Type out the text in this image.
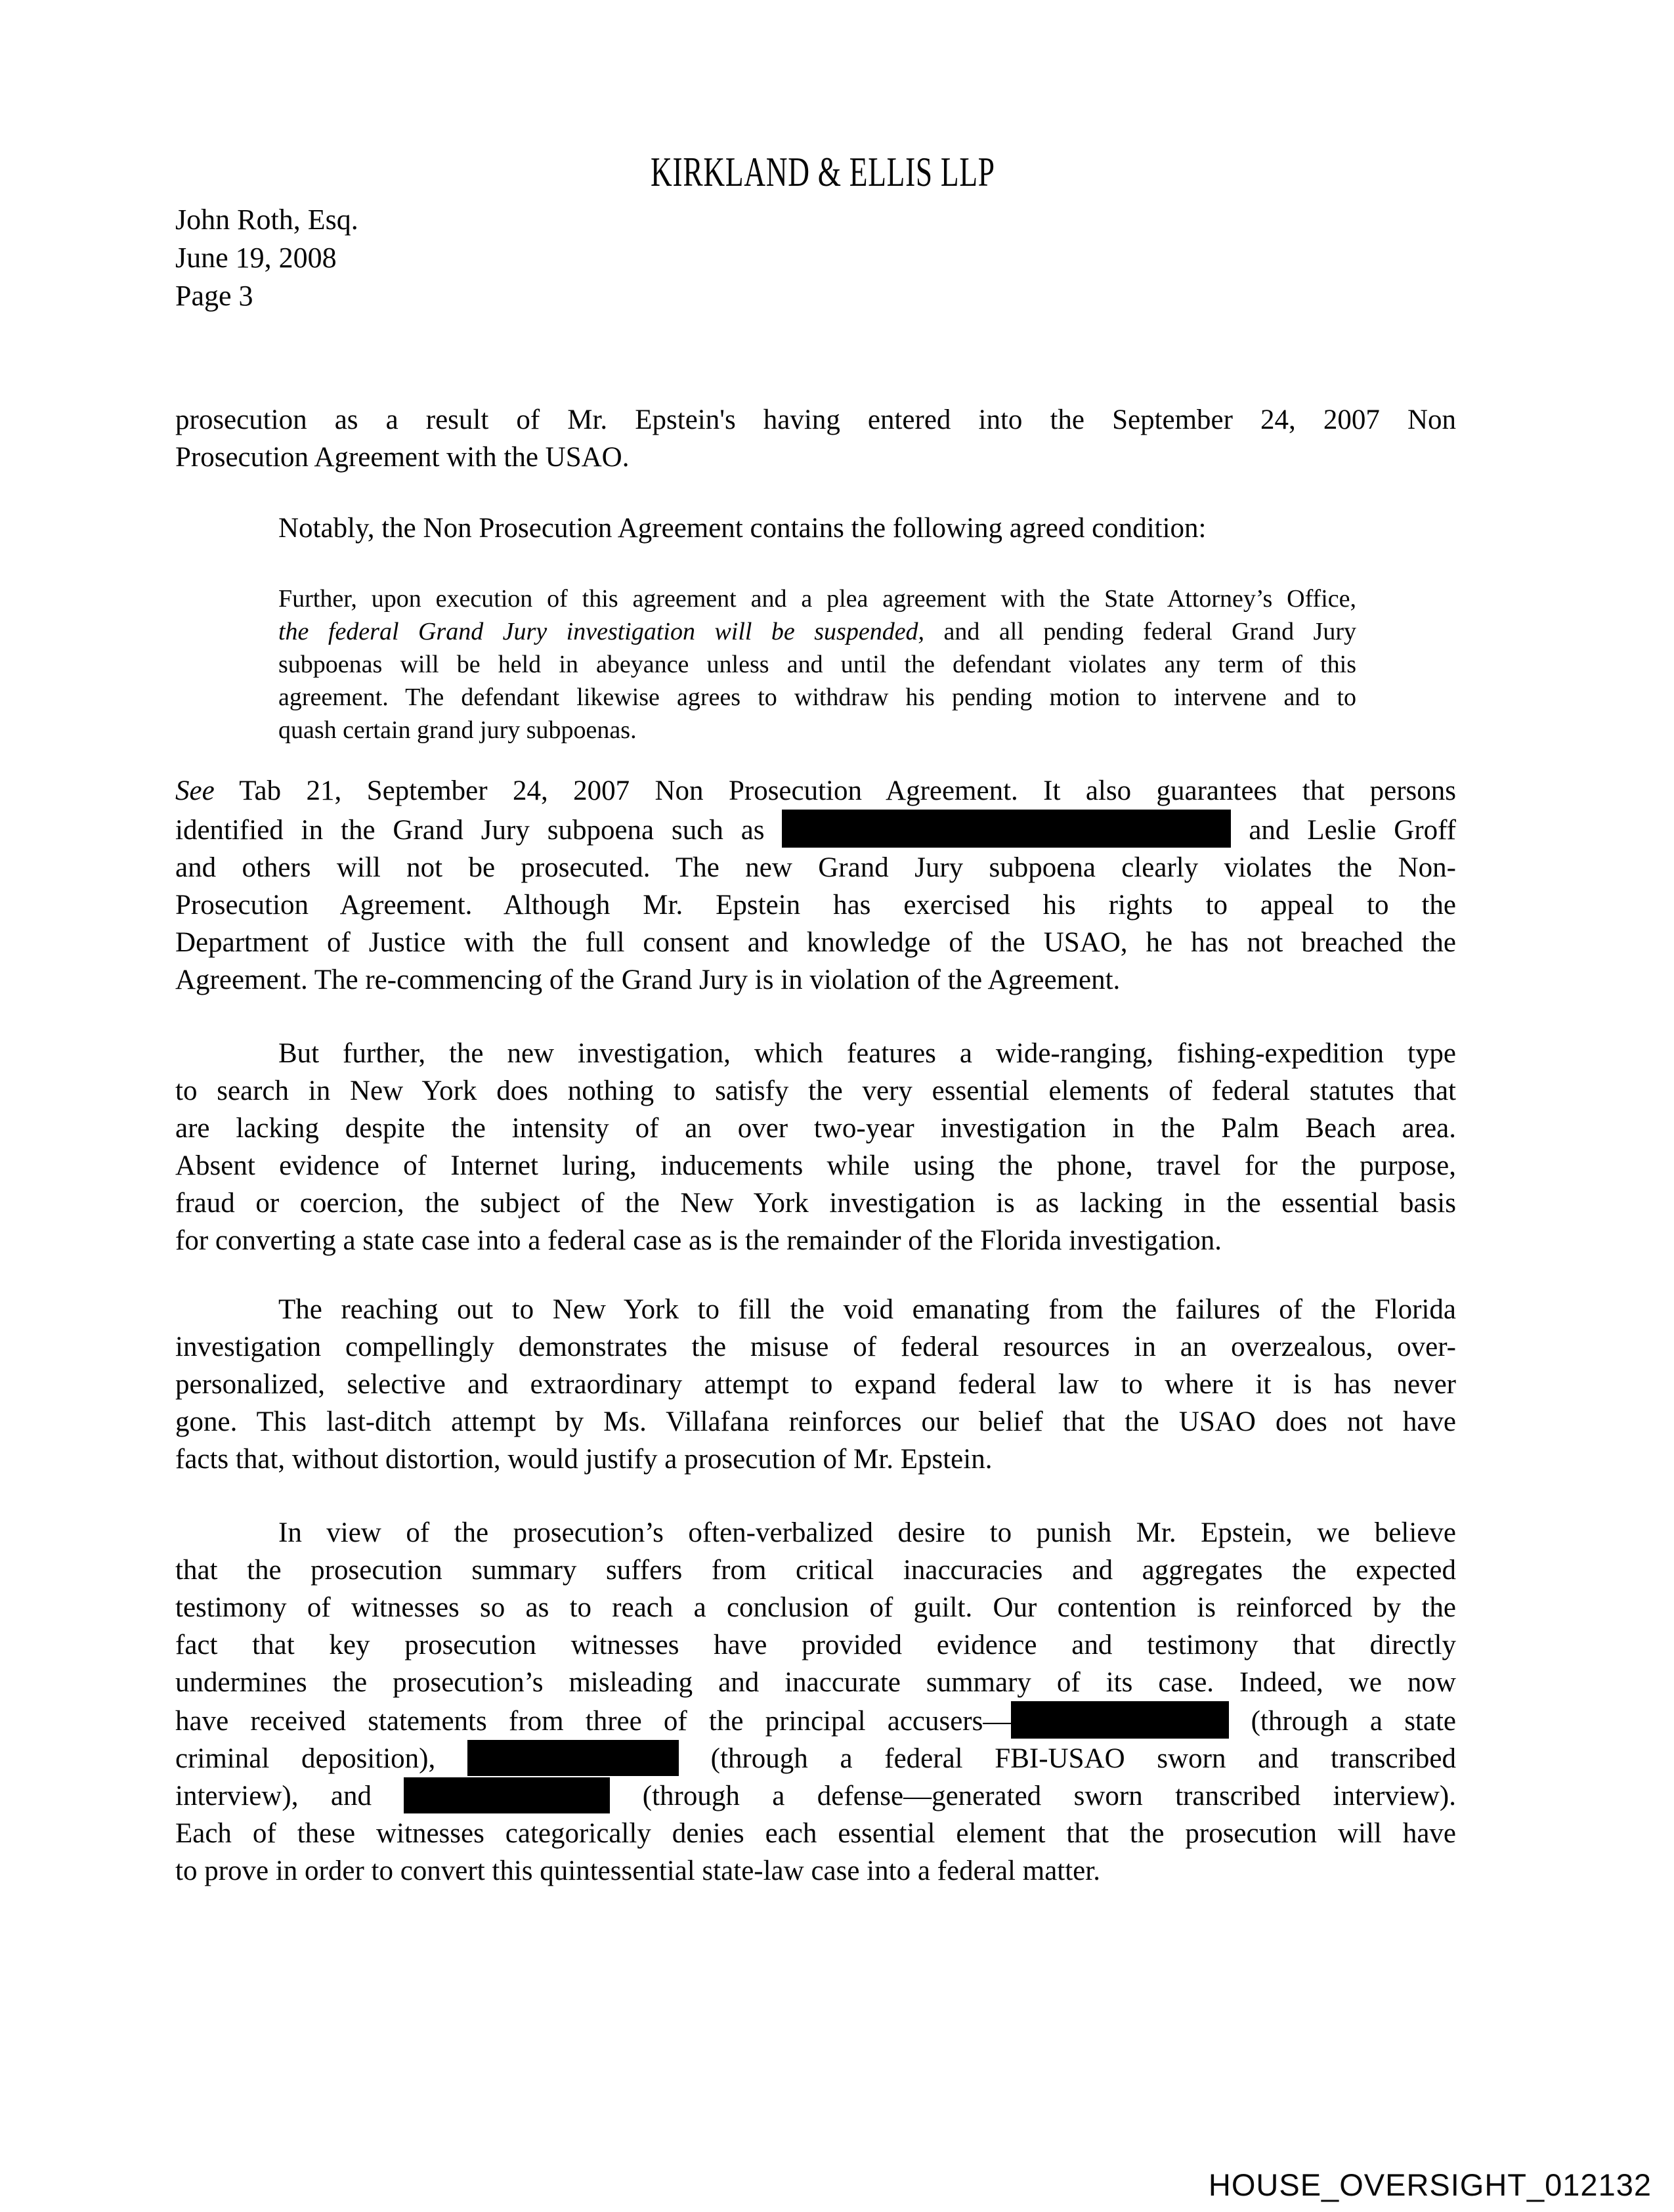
KIRKLAND & ELLIS LLP
John Roth, Esq.
June 19, 2008
Page 3
prosecution as a result of Mr. Epstein's having entered into the September 24, 2007 Non
Prosecution Agreement with the USAO.
Notably, the Non Prosecution Agreement contains the following agreed condition:
Further, upon execution of this agreement and a plea agreement with the State Attorney’s Office,
the federal Grand Jury investigation will be suspended, and all pending federal Grand Jury
subpoenas will be held in abeyance unless and until the defendant violates any term of this
agreement. The defendant likewise agrees to withdraw his pending motion to intervene and to
quash certain grand jury subpoenas.
See Tab 21, September 24, 2007 Non Prosecution Agreement. It also guarantees that persons
identified in the Grand Jury subpoena such as	and Leslie Groff
and others will not be prosecuted. The new Grand Jury subpoena clearly violates the Non-
Prosecution Agreement. Although Mr. Epstein has exercised his rights to appeal to the
Department of Justice with the full consent and knowledge of the USAO, he has not breached the
Agreement. The re-commencing of the Grand Jury is in violation of the Agreement.
But further, the new investigation, which features a wide-ranging, fishing-expedition type
to search in New York does nothing to satisfy the very essential elements of federal statutes that
are lacking despite the intensity of an over two-year investigation in the Palm Beach area.
Absent evidence of Internet luring, inducements while using the phone, travel for the purpose,
fraud or coercion, the subject of the New York investigation is as lacking in the essential basis
for converting a state case into a federal case as is the remainder of the Florida investigation.
The reaching out to New York to fill the void emanating from the failures of the Florida
investigation compellingly demonstrates the misuse of federal resources in an overzealous, over-
personalized, selective and extraordinary attempt to expand federal law to where it is has never
gone. This last-ditch attempt by Ms. Villafana reinforces our belief that the USAO does not have
facts that, without distortion, would justify a prosecution of Mr. Epstein.
In view of the prosecution’s often-verbalized desire to punish Mr. Epstein, we believe
that the prosecution summary suffers from critical inaccuracies and aggregates the expected
testimony of witnesses so as to reach a conclusion of guilt. Our contention is reinforced by the
fact that key prosecution witnesses have provided evidence and testimony that directly
undermines the prosecution’s misleading and inaccurate summary of its case. Indeed, we now
have received statements from three of the principal accusers—	(through a state
criminal deposition),	(through a federal FBI-USAO sworn and transcribed
interview), and	(through a defense—generated sworn transcribed interview).
Each of these witnesses categorically denies each essential element that the prosecution will have
to prove in order to convert this quintessential state-law case into a federal matter.
HOUSE_OVERSIGHT_012132
